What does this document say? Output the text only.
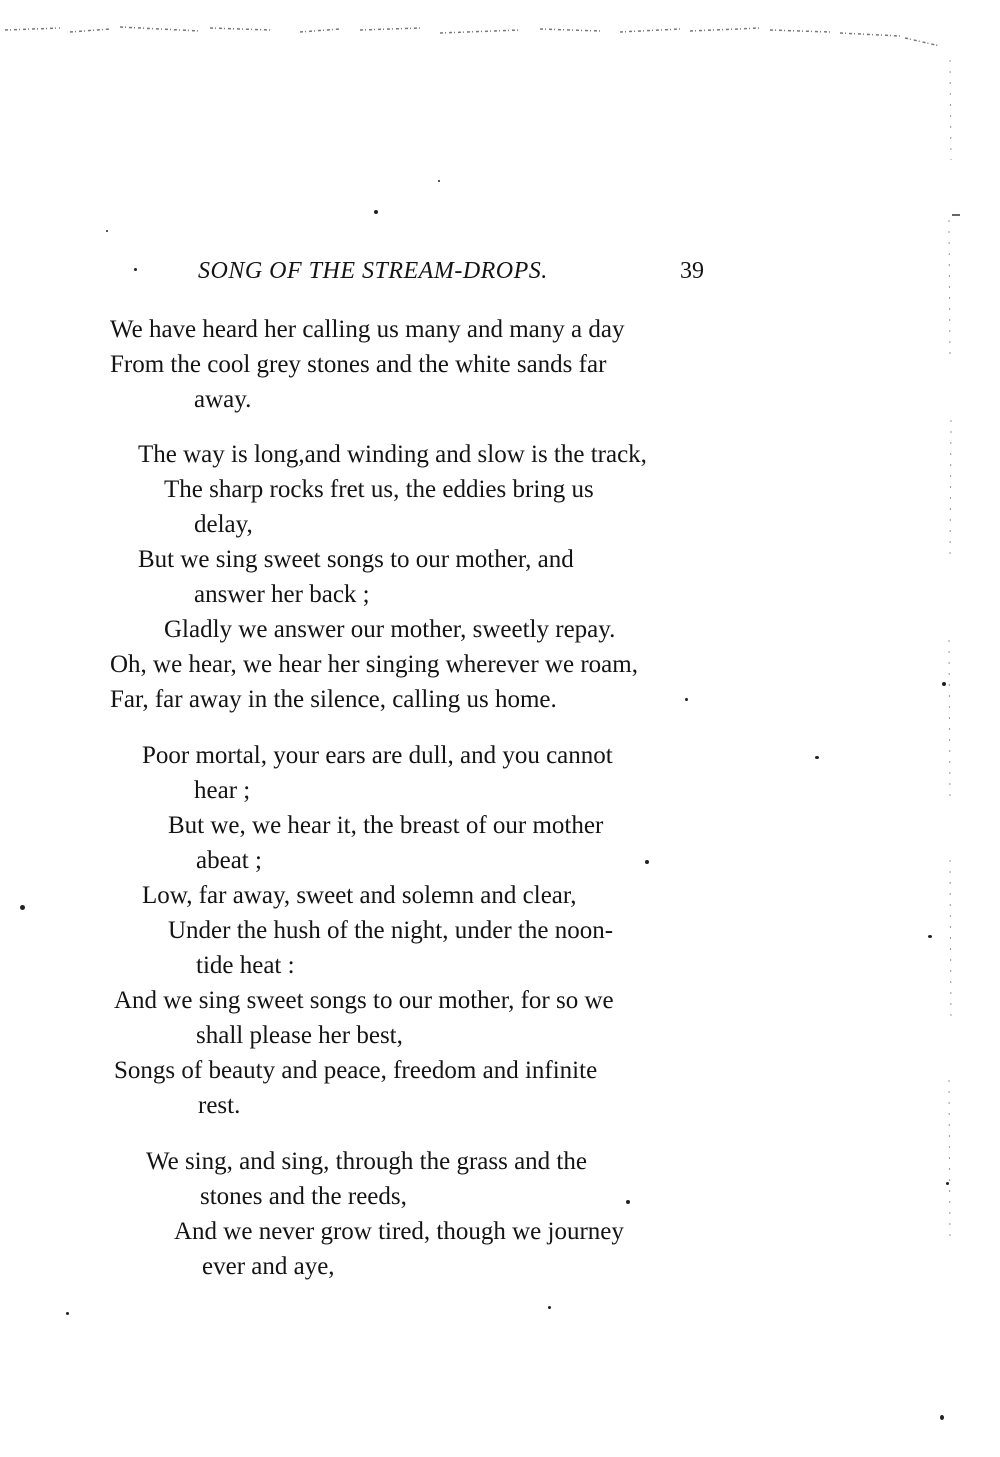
SONG OF THE STREAM-DROPS.	39
We have heard her calling us many and many a day
From the cool grey stones and the white sands far
away.
The way is long,and winding and slow is the track,
The sharp rocks fret us, the eddies bring us
delay,
But we sing sweet songs to our mother, and
answer her back ;
Gladly we answer our mother, sweetly repay.
Oh, we hear, we hear her singing wherever we roam,
Far, far away in the silence, calling us home.
Poor mortal, your ears are dull, and you cannot
hear ;
But we, we hear it, the breast of our mother
abeat ;
Low, far away, sweet and solemn and clear,
Under the hush of the night, under the noon-
tide heat :
And we sing sweet songs to our mother, for so we
shall please her best,
Songs of beauty and peace, freedom and infinite
rest.
We sing, and sing, through the grass and the
stones and the reeds,
And we never grow tired, though we journey
ever and aye,
